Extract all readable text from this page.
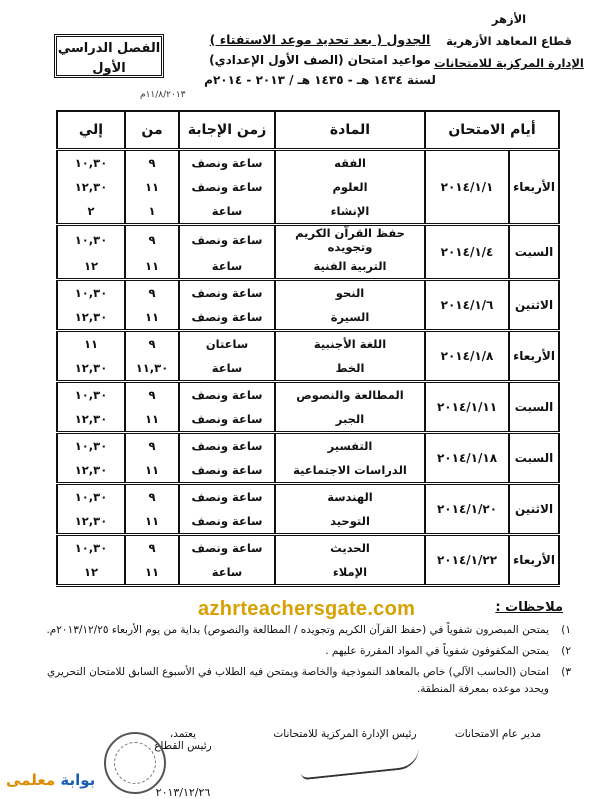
الأزهر
قطاع المعاهد الأزهرية
الإدارة المركزية للامتحانات
الجدول ( بعد تحديد موعد الاستفتاء )
مواعيد امتحان (الصف الأول الإعدادي)
لسنة ١٤٣٤ هـ - ١٤٣٥ هـ / ٢٠١٣ - ٢٠١٤م
الفصل الدراسي
الأول
١١/٨/٢٠١٣م
أيام الامتحان		المادة	زمن الإجابة	من	إلي
الأربعاء	٢٠١٤/١/١	الفقه	ساعة ونصف	٩	١٠,٣٠
		العلوم	ساعة ونصف	١١	١٢,٣٠
		الإنشاء	ساعة	١	٢
السبت	٢٠١٤/١/٤	حفظ القرآن الكريم وتجويده	ساعة ونصف	٩	١٠,٣٠
		التربية الفنية	ساعة	١١	١٢
الاثنين	٢٠١٤/١/٦	النحو	ساعة ونصف	٩	١٠,٣٠
		السيرة	ساعة ونصف	١١	١٢,٣٠
الأربعاء	٢٠١٤/١/٨	اللغة الأجنبية	ساعتان	٩	١١
		الخط	ساعة	١١,٣٠	١٢,٣٠
السبت	٢٠١٤/١/١١	المطالعة والنصوص	ساعة ونصف	٩	١٠,٣٠
		الجبر	ساعة ونصف	١١	١٢,٣٠
السبت	٢٠١٤/١/١٨	التفسير	ساعة ونصف	٩	١٠,٣٠
		الدراسات الاجتماعية	ساعة ونصف	١١	١٢,٣٠
الاثنين	٢٠١٤/١/٢٠	الهندسة	ساعة ونصف	٩	١٠,٣٠
		التوحيد	ساعة ونصف	١١	١٢,٣٠
الأربعاء	٢٠١٤/١/٢٢	الحديث	ساعة ونصف	٩	١٠,٣٠
		الإملاء	ساعة	١١	١٢
azhrteachersgate.com	ملاحظات :
١)
يمتحن المبصرون شفوياً في (حفظ القرآن الكريم وتجويده / المطالعة والنصوص) بداية من يوم الأربعاء ٢٠١٣/١٢/٢٥م.
٢)
يمتحن المكفوفون شفوياً في المواد المقررة عليهم .
٣)
امتحان (الحاسب الآلي) خاص بالمعاهد النموذجية والخاصة ويمتحن فيه الطلاب في الأسبوع السابق للامتحان التحريري ويحدد موعده بمعرفة المنطقة.
مدير عام الامتحانات
رئيس الإدارة المركزية للامتحانات
يعتمد،
رئيس القطاع
٢٠١٣/١٢/٢٦
بوابة معلمى
